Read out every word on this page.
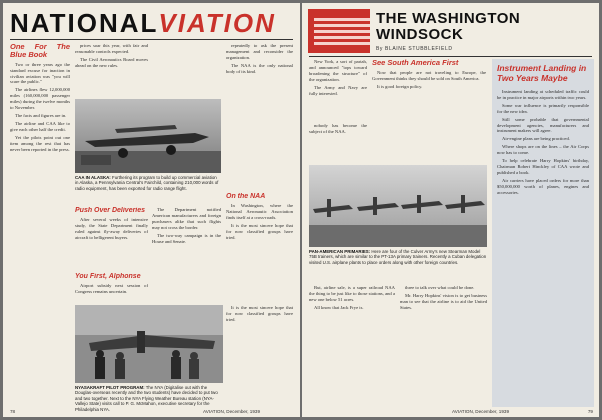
NATIONALVIATION
One For The Blue Book

Two or three years ago the standard excuse for inaction in civilian aviation was "you will scare the public."

The airlines flew 12,000,000 miles (160,000,000 passenger miles) during the twelve months to November.

The facts and figures are in.

The airline and CAA like to give each other half the credit.

Yet the pilots point out one item among the rest that has never been reported in the press.

prices soar this year, with fair and reasonable controls expected.

The Civil Aeronautics Board moves ahead on the new rules.

CAA IN ALASKA: Furthering its program to build up commercial aviation in Alaska, a Pennsylvania Central's Fairchild, containing 210,000 words of radio equipment, has been exported for radio range flight.
Push Over Deliveries

After several weeks of intensive study, the State Department finally ruled against fly-away deliveries of aircraft to belligerent buyers.

You First, Alphonse

Airport subsidy next session of Congress remains uncertain.

The Department notified American manufacturers and foreign purchasers alike that such flights may not cross the border.

The two-way campaign is in the House and Senate.

repeatedly to ask the present management and reconsider the organization.

The NAA is the only national body of its kind.

On the NAA

In Washington, where the National Aeronautic Association finds itself at a cross-roads.

It is the most sincere hope that for now classified groups have tried.

NYASAKRAFT PILOT PROGRAM: The NYA (Digitalise out with the Douglas-overseas recently and the two students) have decided to put two and two together. Next to the NYA Flying Weather Bureau station (NYA-Vallejo State) visits call to P. G. McMahon, executive secretary for the Philadelphia NYA.

It is the most sincere hope that for now classified groups have tried.

78	AVIATION, December, 1939
THE WASHINGTON
WINDSOCK
By BLAINE STUBBLEFIELD

New York, a sort of pariah, and announced "tops toward broadening the structure" of the organization.

The Army and Navy are fully interested.

See South America First

Now that people are not traveling to Europe, the Government thinks they should be sold on South America.

It is good foreign policy.

nobody has become the subject of the NAA.

PAN-AMERICAN PRIMARIES: Here are four of the Culver Army's new Stearman Model 75B trainers, which are similar to the PT-13A primary trainers. Recently a Cuban delegation visited U.S. airplane plants to place orders along with other foreign countries.

But, airline sale, is a super railroad NAA the thing to be just like to those stations, and a new one below 51 acres.

All know that Jack Frye is.

three to talk over what could be done.

Mr. Harry Hopkins' vision is to get business man to see that the airline is to aid the United States.

Instrument Landing in Two Years Maybe

Instrument landing at scheduled traffic could be in practice in major airports within two years.

Some war influence is primarily responsible for the new idea.

Still some probable that governmental development agencies, manufacturers and instrument makers will agree.

Air-engine plans are being practiced.

Where shops are on the lines – the Air Corps now has to come.

To help celebrate Harry Hopkins' birthday, Chairman Robert Hinckley of CAA wrote and published a book.

Air carriers have placed orders for more than $50,000,000 worth of planes, engines and accessories.

AVIATION, December, 1939	79
